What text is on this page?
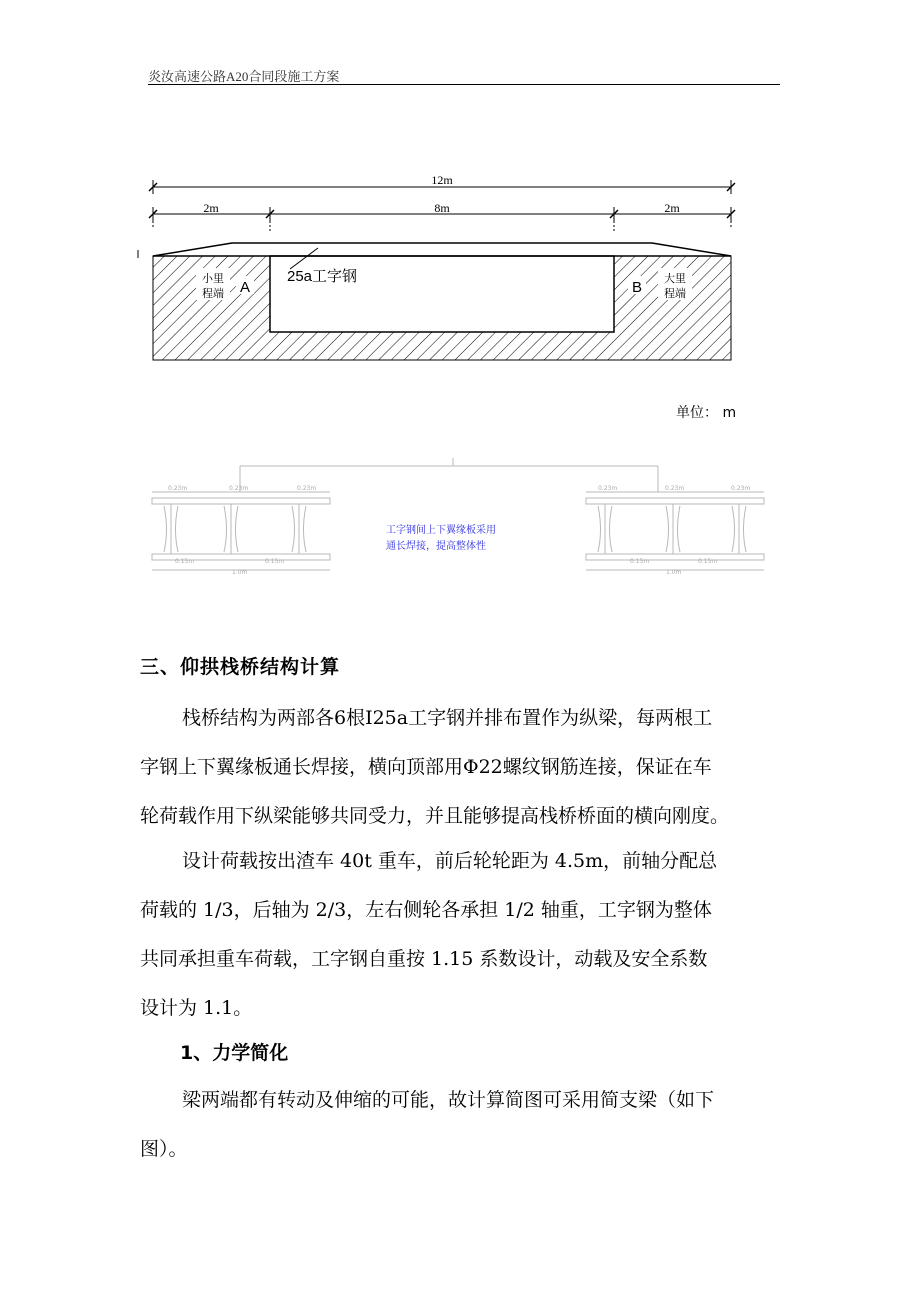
炎汝高速公路A20合同段施工方案
12m
2m	8m	2m
25a工字钢
小里
程端 A	B
大里
程端
单位： m
0.23m	0.23m	0.23m
0.15m	0.15m
1.0m
0.23m	0.23m	0.23m
0.15m	0.15m
1.0m
工字钢间上下翼缘板采用
通长焊接，提高整体性
三、仰拱栈桥结构计算
栈桥结构为两部各6根Ⅰ25a工字钢并排布置作为纵梁，每两根工
字钢上下翼缘板通长焊接，横向顶部用Φ22螺纹钢筋连接，保证在车
轮荷载作用下纵梁能够共同受力，并且能够提高栈桥桥面的横向刚度。
设计荷载按出渣车 40t 重车，前后轮轮距为 4.5m，前轴分配总
荷载的 1/3，后轴为 2/3，左右侧轮各承担 1/2 轴重，工字钢为整体
共同承担重车荷载，工字钢自重按 1.15 系数设计，动载及安全系数
设计为 1.1。
1、力学简化
梁两端都有转动及伸缩的可能，故计算简图可采用简支梁（如下
图）。
